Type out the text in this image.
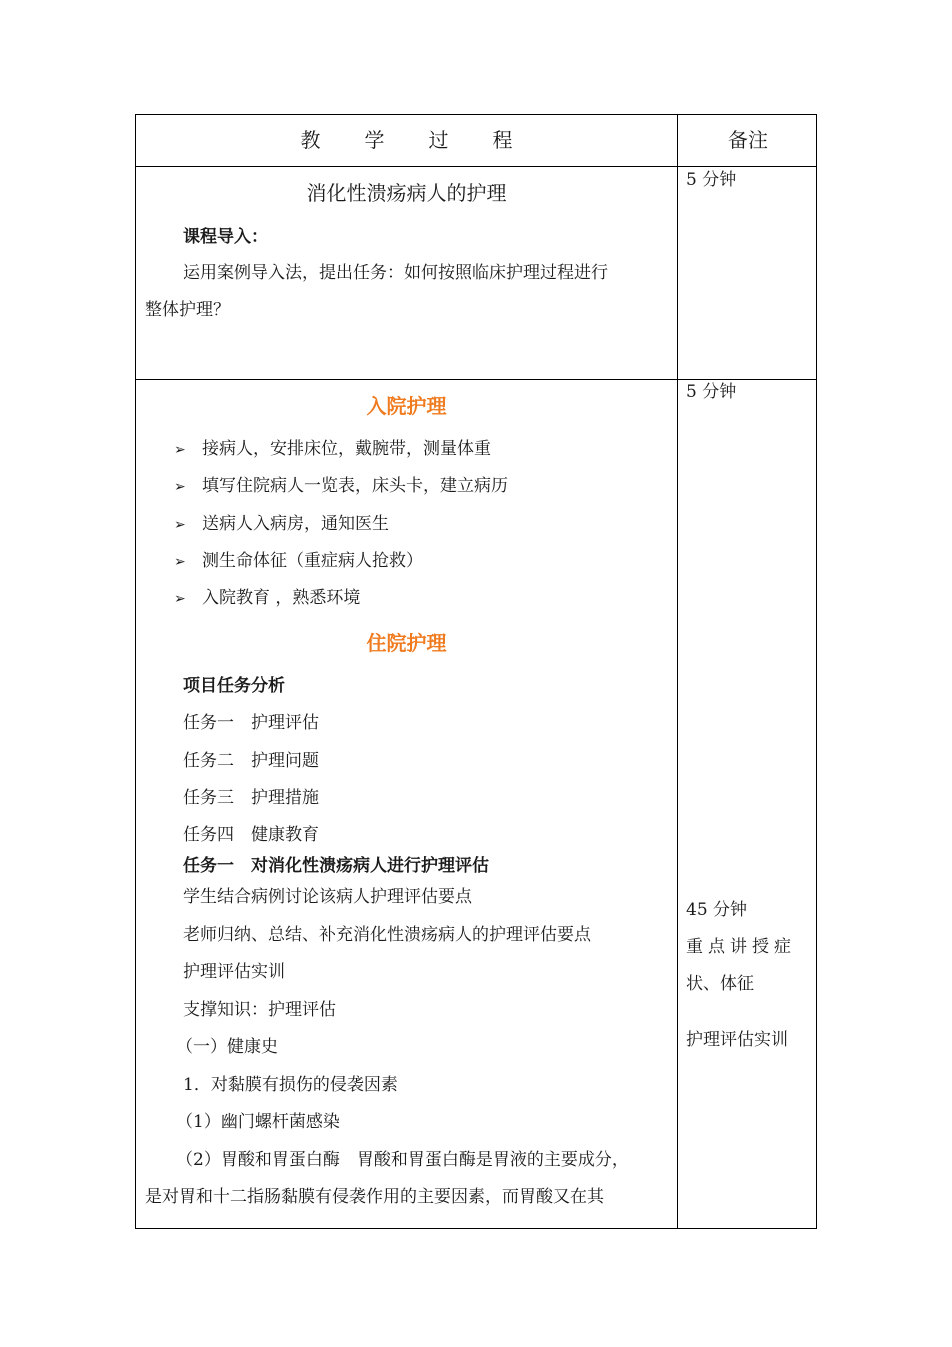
教学过程	备注
消化性溃疡病人的护理
课程导入：
运用案例导入法，提出任务：如何按照临床护理过程进行
整体护理？
5 分钟
入院护理
➢ 接病人，安排床位，戴腕带，测量体重
➢ 填写住院病人一览表，床头卡，建立病历
➢ 送病人入病房，通知医生
➢ 测生命体征（重症病人抢救）
➢ 入院教育 ，熟悉环境
住院护理
项目任务分析
任务一　护理评估
任务二　护理问题
任务三　护理措施
任务四　健康教育
任务一　对消化性溃疡病人进行护理评估
学生结合病例讨论该病人护理评估要点
老师归纳、总结、补充消化性溃疡病人的护理评估要点
护理评估实训
支撑知识：护理评估
（一）健康史
1．对黏膜有损伤的侵袭因素
（1）幽门螺杆菌感染
（2）胃酸和胃蛋白酶　胃酸和胃蛋白酶是胃液的主要成分，
是对胃和十二指肠黏膜有侵袭作用的主要因素，而胃酸又在其
5 分钟
45 分钟
重点讲授症
状、体征
护理评估实训
